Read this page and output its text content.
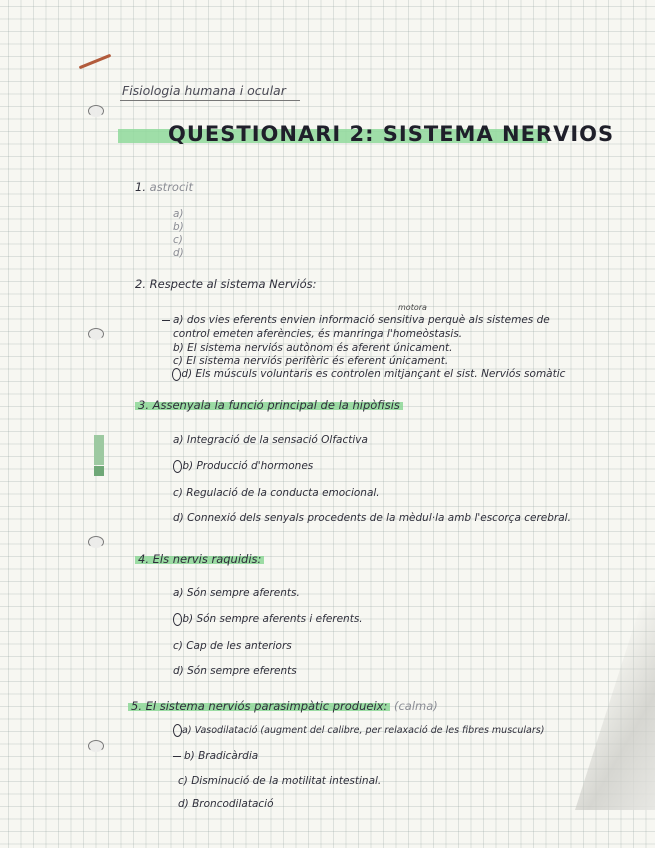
Fisiologia humana i ocular
QUESTIONARI 2: SISTEMA NERVIOS
1. astrocit
a)
b)
c)
d)
2. Respecte al sistema Nerviós:
motora
a) dos vies eferents envien informació sensitiva perquè als sistemes de
control emeten aferències, és manringa l'homeòstasis.
b) El sistema nerviós autònom és aferent únicament.
c) El sistema nerviós perifèric és eferent únicament.
d) Els músculs voluntaris es controlen mitjançant el sist. Nerviós somàtic
3. Assenyala la funció principal de la hipòfisis
a) Integració de la sensació Olfactiva
b) Producció d'hormones
c) Regulació de la conducta emocional.
d) Connexió dels senyals procedents de la mèdul·la amb l'escorça cerebral.
4. Els nervis raquidis:
a) Són sempre aferents.
b) Són sempre aferents i eferents.
c) Cap de les anteriors
d) Són sempre eferents
5. El sistema nerviós parasimpàtic produeix: (calma)
a) Vasodilatació (augment del calibre, per relaxació de les fibres musculars)
b) Bradicàrdia
c) Disminució de la motilitat intestinal.
d) Broncodilatació
